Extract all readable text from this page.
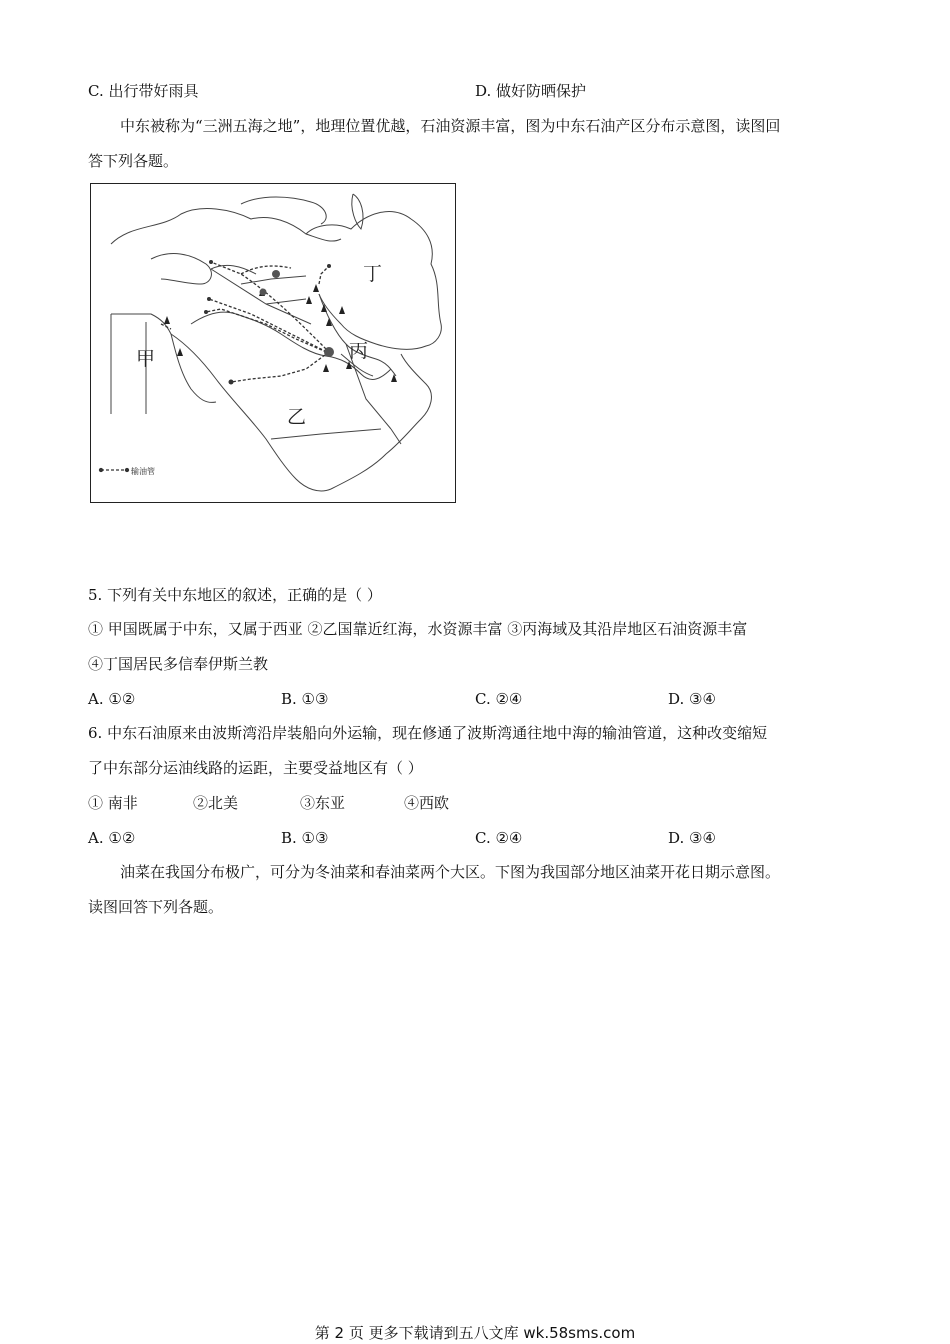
C. 出行带好雨具	D. 做好防晒保护
中东被称为“三洲五海之地”，地理位置优越，石油资源丰富，图为中东石油产区分布示意图，读图回
答下列各题。
甲
乙
丙
丁
输油管
5. 下列有关中东地区的叙述，正确的是（ ）
① 甲国既属于中东，又属于西亚 ②乙国靠近红海，水资源丰富 ③丙海域及其沿岸地区石油资源丰富
④丁国居民多信奉伊斯兰教
A. ①②	B. ①③	C. ②④	D. ③④
6. 中东石油原来由波斯湾沿岸装船向外运输，现在修通了波斯湾通往地中海的输油管道，这种改变缩短
了中东部分运油线路的运距，主要受益地区有（ ）
① 南非	②北美	③东亚	④西欧
A. ①②	B. ①③	C. ②④	D. ③④
油菜在我国分布极广，可分为冬油菜和春油菜两个大区。下图为我国部分地区油菜开花日期示意图。
读图回答下列各题。
第 2 页 更多下载请到五八文库 wk.58sms.com
